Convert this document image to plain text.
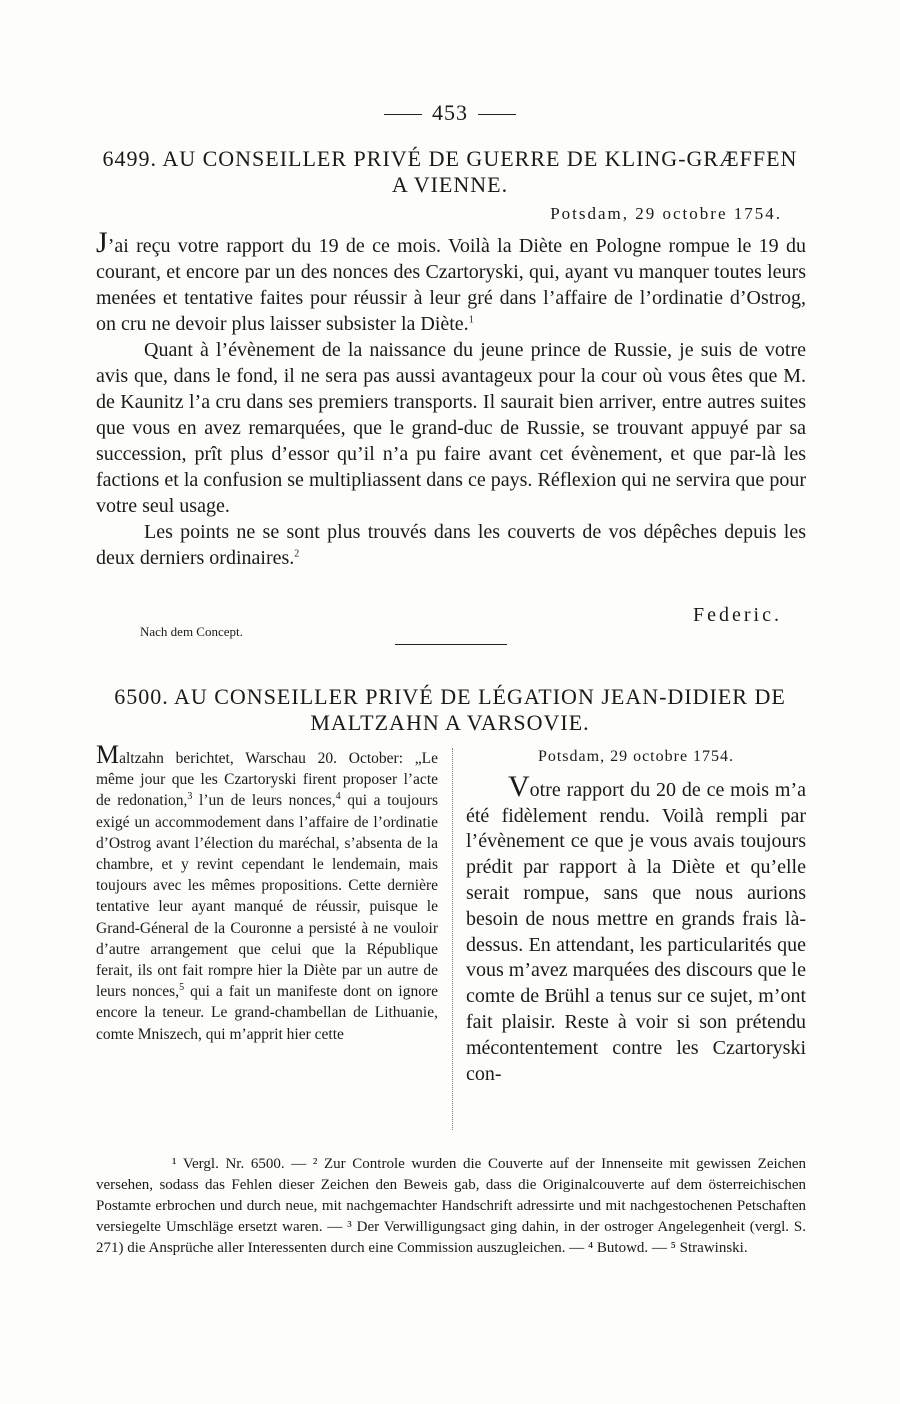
453
6499. AU CONSEILLER PRIVÉ DE GUERRE DE KLING-GRÆFFEN A VIENNE.
Potsdam, 29 octobre 1754.

J’ai reçu votre rapport du 19 de ce mois. Voilà la Diète en Pologne rompue le 19 du courant, et encore par un des nonces des Czartoryski, qui, ayant vu manquer toutes leurs menées et tentative faites pour réussir à leur gré dans l’affaire de l’ordinatie d’Ostrog, on cru ne devoir plus laisser subsister la Diète.$^1$

Quant à l’évènement de la naissance du jeune prince de Russie, je suis de votre avis que, dans le fond, il ne sera pas aussi avantageux pour la cour où vous êtes que M. de Kaunitz l’a cru dans ses premiers transports. Il saurait bien arriver, entre autres suites que vous en avez remarquées, que le grand-duc de Russie, se trouvant appuyé par sa succession, prît plus d’essor qu’il n’a pu faire avant cet évènement, et que par-là les factions et la confusion se multipliassent dans ce pays. Réflexion qui ne servira que pour votre seul usage.

Les points ne se sont plus trouvés dans les couverts de vos dépêches depuis les deux derniers ordinaires.$^2$

Federic.
Nach dem Concept.
6500. AU CONSEILLER PRIVÉ DE LÉGATION JEAN-DIDIER DE MALTZAHN A VARSOVIE.

Maltzahn berichtet, Warschau 20. October: „Le même jour que les Czartoryski firent proposer l’acte de redonation,$^3$ l’un de leurs nonces,$^4$ qui a toujours exigé un accommodement dans l’affaire de l’ordinatie d’Ostrog avant l’élection du maréchal, s’absenta de la chambre, et y revint cependant le lendemain, mais toujours avec les mêmes propositions. Cette dernière tentative leur ayant manqué de réussir, puisque le Grand-Géneral de la Couronne a persisté à ne vouloir d’autre arrangement que celui que la République ferait, ils ont fait rompre hier la Diète par un autre de leurs nonces,$^5$ qui a fait un manifeste dont on ignore encore la teneur. Le grand-chambellan de Lithuanie, comte Mniszech, qui m’apprit hier cette

Potsdam, 29 octobre 1754.

Votre rapport du 20 de ce mois m’a été fidèlement rendu. Voilà rempli par l’évènement ce que je vous avais toujours prédit par rapport à la Diète et qu’elle serait rompue, sans que nous aurions besoin de nous mettre en grands frais là-dessus. En attendant, les particularités que vous m’avez marquées des discours que le comte de Brühl a tenus sur ce sujet, m’ont fait plaisir. Reste à voir si son prétendu mécontentement contre les Czartoryski con-

¹ Vergl. Nr. 6500. — ² Zur Controle wurden die Couverte auf der Innenseite mit gewissen Zeichen versehen, sodass das Fehlen dieser Zeichen den Beweis gab, dass die Originalcouverte auf dem österreichischen Postamte erbrochen und durch neue, mit nachgemachter Handschrift adressirte und mit nachgestochenen Petschaften versiegelte Umschläge ersetzt waren. — ³ Der Verwilligungsact ging dahin, in der ostroger Angelegenheit (vergl. S. 271) die Ansprüche aller Interessenten durch eine Commission auszugleichen. — ⁴ Butowd. — ⁵ Strawinski.
